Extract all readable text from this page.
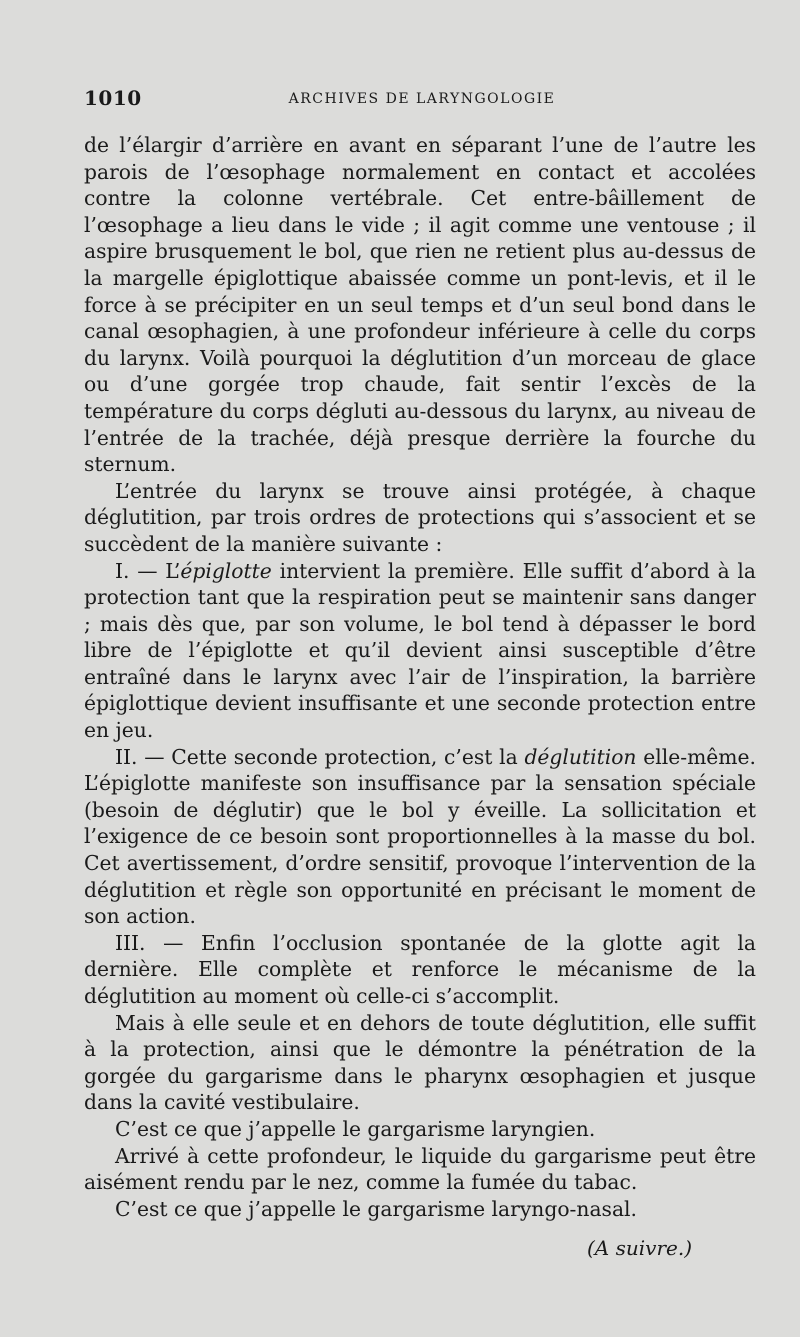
1010	ARCHIVES DE LARYNGOLOGIE

de l’élargir d’arrière en avant en séparant l’une de l’autre les parois de l’œsophage normalement en contact et accolées contre la colonne vertébrale. Cet entre-bâillement de l’œsophage a lieu dans le vide ; il agit comme une ventouse ; il aspire brusquement le bol, que rien ne retient plus au-dessus de la margelle épiglottique abaissée comme un pont-levis, et il le force à se précipiter en un seul temps et d’un seul bond dans le canal œsophagien, à une profondeur inférieure à celle du corps du larynx. Voilà pourquoi la déglutition d’un morceau de glace ou d’une gorgée trop chaude, fait sentir l’excès de la température du corps dégluti au-dessous du larynx, au niveau de l’entrée de la trachée, déjà presque derrière la fourche du sternum.

L’entrée du larynx se trouve ainsi protégée, à chaque déglutition, par trois ordres de protections qui s’associent et se succèdent de la manière suivante :

I. — L’épiglotte intervient la première. Elle suffit d’abord à la protection tant que la respiration peut se maintenir sans danger ; mais dès que, par son volume, le bol tend à dépasser le bord libre de l’épiglotte et qu’il devient ainsi susceptible d’être entraîné dans le larynx avec l’air de l’inspiration, la barrière épiglottique devient insuffisante et une seconde protection entre en jeu.

II. — Cette seconde protection, c’est la déglutition elle-même. L’épiglotte manifeste son insuffisance par la sensation spéciale (besoin de déglutir) que le bol y éveille. La sollicitation et l’exigence de ce besoin sont proportionnelles à la masse du bol. Cet avertissement, d’ordre sensitif, provoque l’intervention de la déglutition et règle son opportunité en précisant le moment de son action.

III. — Enfin l’occlusion spontanée de la glotte agit la dernière. Elle complète et renforce le mécanisme de la déglutition au moment où celle-ci s’accomplit.

Mais à elle seule et en dehors de toute déglutition, elle suffit à la protection, ainsi que le démontre la pénétration de la gorgée du gargarisme dans le pharynx œsophagien et jusque dans la cavité vestibulaire.

C’est ce que j’appelle le gargarisme laryngien.

Arrivé à cette profondeur, le liquide du gargarisme peut être aisément rendu par le nez, comme la fumée du tabac.

C’est ce que j’appelle le gargarisme laryngo-nasal.

(A suivre.)
